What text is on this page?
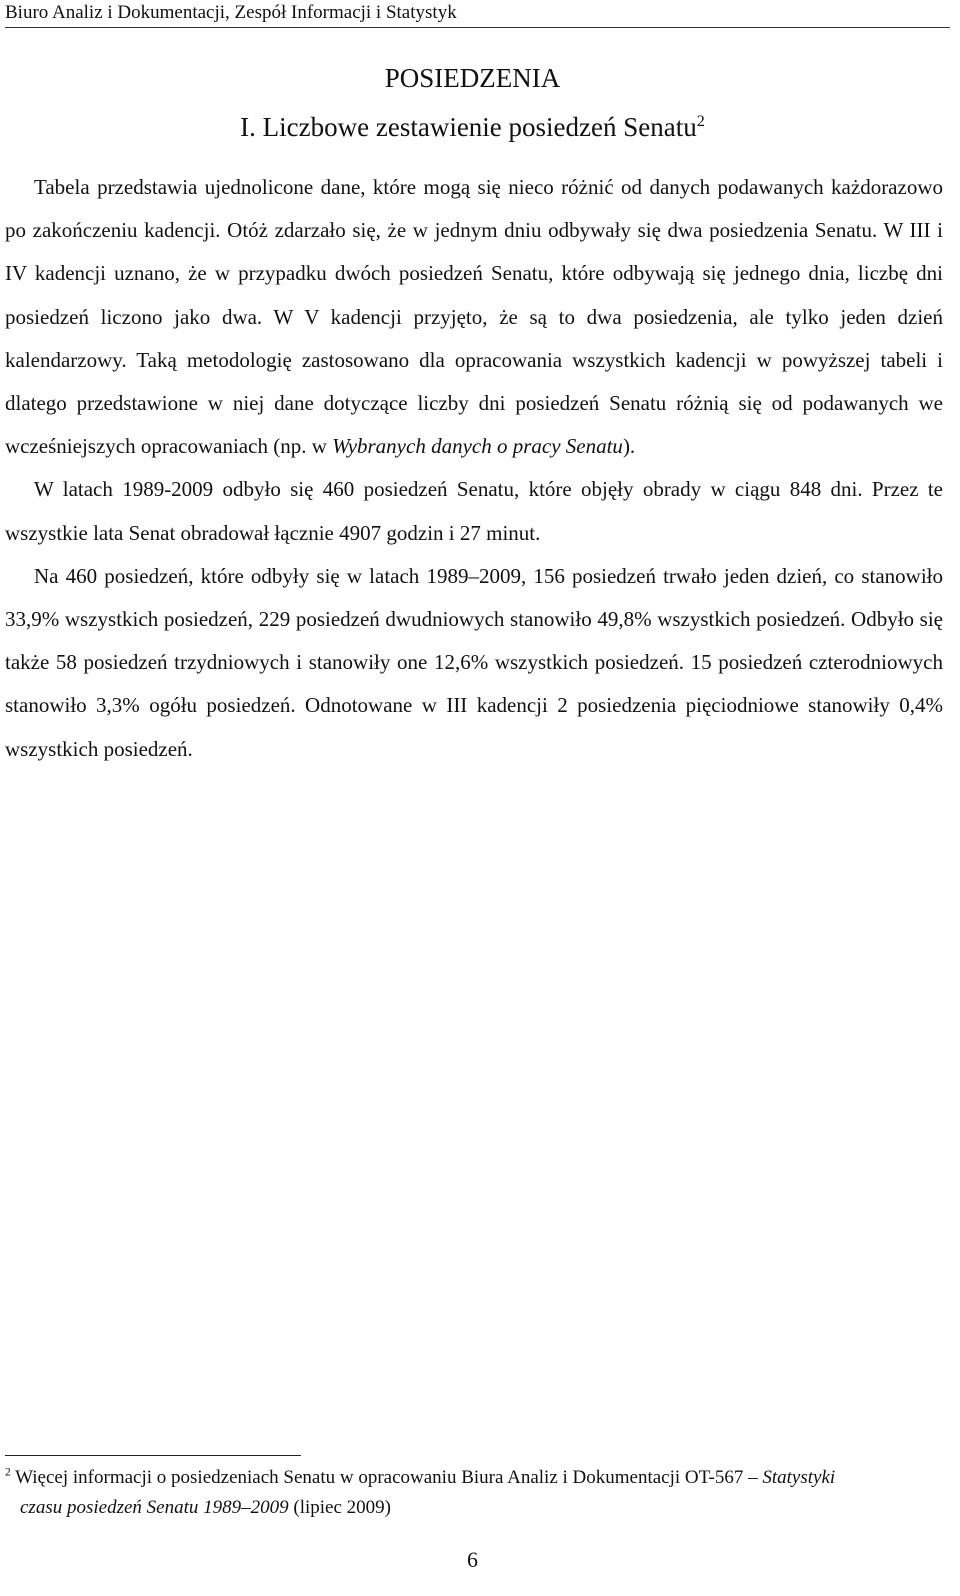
Biuro Analiz i Dokumentacji, Zespół Informacji i Statystyk
POSIEDZENIA
I. Liczbowe zestawienie posiedzeń Senatu$^2$

Tabela przedstawia ujednolicone dane, które mogą się nieco różnić od danych podawanych każdorazowo po zakończeniu kadencji. Otóż zdarzało się, że w jednym dniu odbywały się dwa posiedzenia Senatu. W III i IV kadencji uznano, że w przypadku dwóch posiedzeń Senatu, które odbywają się jednego dnia, liczbę dni posiedzeń liczono jako dwa. W V kadencji przyjęto, że są to dwa posiedzenia, ale tylko jeden dzień kalendarzowy. Taką metodologię zastosowano dla opracowania wszystkich kadencji w powyższej tabeli i dlatego przedstawione w niej dane dotyczące liczby dni posiedzeń Senatu różnią się od podawanych we wcześniejszych opracowaniach (np. w Wybranych danych o pracy Senatu).

W latach 1989-2009 odbyło się 460 posiedzeń Senatu, które objęły obrady w ciągu 848 dni. Przez te wszystkie lata Senat obradował łącznie 4907 godzin i 27 minut.

Na 460 posiedzeń, które odbyły się w latach 1989–2009, 156 posiedzeń trwało jeden dzień, co stanowiło 33,9% wszystkich posiedzeń, 229 posiedzeń dwudniowych stanowiło 49,8% wszystkich posiedzeń. Odbyło się także 58 posiedzeń trzydniowych i stanowiły one 12,6% wszystkich posiedzeń. 15 posiedzeń czterodniowych stanowiło 3,3% ogółu posiedzeń. Odnotowane w III kadencji 2 posiedzenia pięciodniowe stanowiły 0,4% wszystkich posiedzeń.

$^2$ Więcej informacji o posiedzeniach Senatu w opracowaniu Biura Analiz i Dokumentacji OT-567 – Statystyki

czasu posiedzeń Senatu 1989–2009 (lipiec 2009)

6
